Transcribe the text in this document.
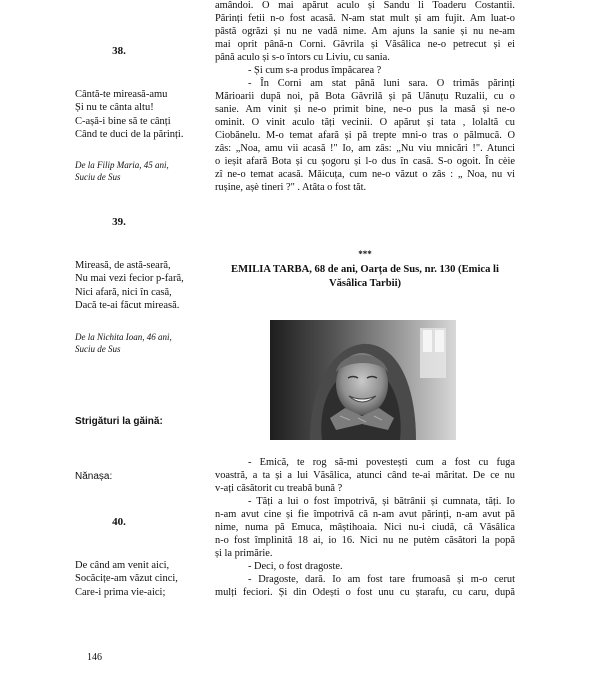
38.
Cântă-te mireasă-amu
Și nu te cânta altu!
C-așă-i bine să te cânți
Când te duci de la părinți.
De la Filip Maria, 45 ani,
Suciu de Sus
39.
Mireasă, de astă-seară,
Nu mai vezi fecior p-fară,
Nici afară, nici în casă,
Dacă te-ai făcut mireasă.
De la Nichita Ioan, 46 ani,
Suciu de Sus
Strigături la găină:
Nănașa:
40.
De când am venit aici,
Socăcițe-am văzut cinci,
Care-i prima vie-aici;
amândoi. O mai apărut aculo și Sandu li Toaderu Costantii.
Părinți fetii n-o fost acasă. N-am stat mult și am fujit. Am luat-o
pâstă ogrăzi și nu ne vadă nime. Am ajuns la sanie și nu ne-am
mai oprit până-n Corni. Găvrila și Văsâlica ne-o petrecut și ei
până aculo și s-o întors cu Liviu, cu sania.
- Și cum s-a produs împăcarea ?
- În Corni am stat până luni sara. O trimăs părinți
Mărioarii după noi, pă Bota Găvrilă și pă Uănuțu Ruzalii, cu o
sanie. Am vinit și ne-o primit bine, ne-o pus la masă și ne-o
ominit. O vinit aculo tăți vecinii. O apărut și tata , lolaltă cu
Ciobănelu. M-o temat afară și pă trepte mni-o tras o pălmucă. O
zâs: „Noa, amu vii acasă !" Io, am zâs: „Nu viu mnicări !". Atunci
o ieșit afară Bota și cu șogoru și l-o dus în casă. S-o ogoit. În cèie
zî ne-o temat acasă. Măicuța, cum ne-o văzut o zâs : „ Noa, nu vi
rușine, așè tineri ?" . Atâta o fost tăt.
***
EMILIA TARBA, 68 de ani, Oarța de Sus, nr. 130 (Emica li Văsâlica Tarbii)
- Emică, te rog să-mi povestești cum a fost cu fuga
voastră, a ta și a lui Văsâlica, atunci când te-ai măritat. De ce nu
v-ați căsătorit cu treabă bună ?
- Tăți a lui o fost împotrivă, și bătrânii și cumnata, tăți. Io
n-am avut cine și fie împotrivă că n-am avut părinți, n-am avut pă
nime, numa pă Emuca, mâștihoaia. Nici nu-i ciudă, că Văsâlica
n-o fost împlinită 18 ai, io 16. Nici nu ne putèm căsători la popă
și la primărie.
- Deci, o fost dragoste.
- Dragoste, dară. Io am fost tare frumoasă și m-o cerut
mulți feciori. Și din Odești o fost unu cu ștarafu, cu caru, după
146
